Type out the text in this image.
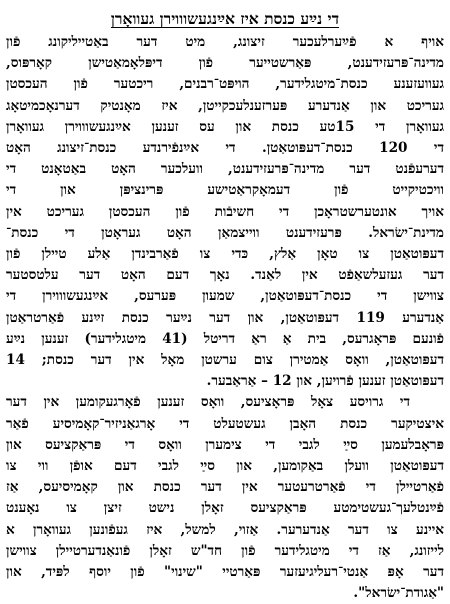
די נײַע כנסת איז אײַנגעשוווירן געוואָרן
אויף א פֿײַערלעכער זיצונג, מיט דער באַטייליקונג פֿון
מדינה־פּרעזידענט, פּאַרשטייער פֿון דיפּלאָמאַטישן קאָרפּוס,
געוועזענע כנסת־מיטגלידער, הויפּט־רבנים, ריכטער פֿון העכסטן
געריכט און אַנדערע פּערזענלעכקייטן, איז מאָנטיק דערנאָכמיטאָג
געוואָרן די 15טע כנסת און עס זענען אײַנגעשוווירן געוואָרן
די 120 כנסת־דעפּוטאַטן. די אײַנפֿירנדע כנסת־זיצונג האָט
דערעפֿנט דער מדינה־פּרעזידענט, וועלכער האָט באַטאָנט די
וויכטיקייט פֿון דעמאָקראַטישע פּרינציפּן און די
אויך אונטערשטראָכן די חשיבֿות פֿון העכסטן געריכט אין
מדינת־ישׂראל. פּרעזידענט ווייצמאַן האָט געראָטן די כנסת־
דעפּוטאַטן צו טאָן אַלץ, כּדי צו פֿאַרבינדן אַלע טיילן פֿון
דער געזעלשאַפֿט אין לאַנד. נאָך דעם האָט דער עלטסטער
צווישן די כנסת־דעפּוטאַטן, שמעון פּערעס, אײַנגעשוווירן די
אַנדערע 119 דעפּוטאַטן, און דער נײַער כנסת זײַנע פֿאַרטראַטן
פֿונעם פּראָגרעס, בית אַ ראַ דריטל (41 מיטגלידער) זענען נײַע
דעפּוטאַטן, וואָס אַמטירן צום ערשטן מאָל אין דער כנסת; 14
דעפּוטאַטן זענען פֿרויען, און 12 – אַראַבער.
די גרויסע צאָל פּראָציעס, וואָס זענען פֿאָרגעקומען אין דער
איצטיקער כנסת האָבן געשטעלט די אָרגאַניזיר־קאָמיסיע פֿאַר
פּראָבלעמען סײַ לגבי די צימערן וואָס די פּראַקציעס און
דעפּוטאַטן וועלן באַקומען, און סײַ לגבי דעם אופֿן ווי צו
פֿאַרטיילן די פֿאַרטרעטער אין דער כנסת און קאָמיסיעס, אַז
פֿײַנטלעך־געשטימטע פּראַקציעס זאָלן נישט זיצן צו נאָענט
איינע צו דער אַנדערער. אַזוי, למשל, איז געפֿונען געוואָרן א
לייזונג, אַז די מיטגלידער פֿון חד"ש זאָלן פֿונאַנדערטיילן צווישן
דער אָפּ אַנטי־רעליגיעזער פּאַרטיי "שינוי" פֿון יוסף לפּיד, און
"אַגודת־ישׂראל".
